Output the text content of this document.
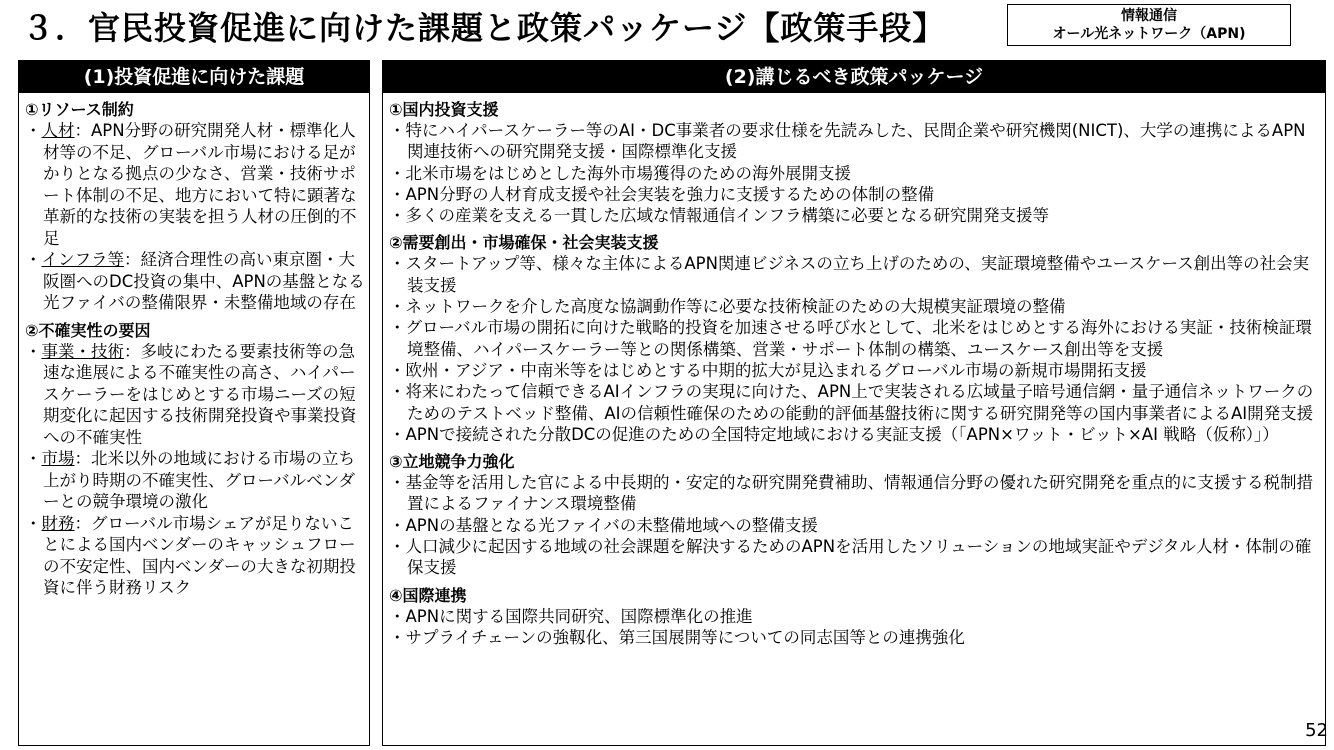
３．官民投資促進に向けた課題と政策パッケージ【政策手段】	情報通信
オール光ネットワーク（APN)
(1)投資促進に向けた課題
①リソース制約
・人材：APN分野の研究開発人材・標準化人材等の不足、グローバル市場における足がかりとなる拠点の少なさ、営業・技術サポート体制の不足、地方において特に顕著な革新的な技術の実装を担う人材の圧倒的不足
・インフラ等：経済合理性の高い東京圏・大阪圏へのDC投資の集中、APNの基盤となる光ファイバの整備限界・未整備地域の存在
②不確実性の要因
・事業・技術：多岐にわたる要素技術等の急速な進展による不確実性の高さ、ハイパースケーラーをはじめとする市場ニーズの短期変化に起因する技術開発投資や事業投資への不確実性
・市場：北米以外の地域における市場の立ち上がり時期の不確実性、グローバルベンダーとの競争環境の激化
・財務：グローバル市場シェアが足りないことによる国内ベンダーのキャッシュフローの不安定性、国内ベンダーの大きな初期投資に伴う財務リスク
(2)講じるべき政策パッケージ
①国内投資支援
・特にハイパースケーラー等のAI・DC事業者の要求仕様を先読みした、民間企業や研究機関(NICT)、大学の連携によるAPN関連技術への研究開発支援・国際標準化支援
・北米市場をはじめとした海外市場獲得のための海外展開支援
・APN分野の人材育成支援や社会実装を強力に支援するための体制の整備
・多くの産業を支える一貫した広域な情報通信インフラ構築に必要となる研究開発支援等
②需要創出・市場確保・社会実装支援
・スタートアップ等、様々な主体によるAPN関連ビジネスの立ち上げのための、実証環境整備やユースケース創出等の社会実装支援
・ネットワークを介した高度な協調動作等に必要な技術検証のための大規模実証環境の整備
・グローバル市場の開拓に向けた戦略的投資を加速させる呼び水として、北米をはじめとする海外における実証・技術検証環境整備、ハイパースケーラー等との関係構築、営業・サポート体制の構築、ユースケース創出等を支援
・欧州・アジア・中南米等をはじめとする中期的拡大が見込まれるグローバル市場の新規市場開拓支援
・将来にわたって信頼できるAIインフラの実現に向けた、APN上で実装される広域量子暗号通信網・量子通信ネットワークのためのテストベッド整備、AIの信頼性確保のための能動的評価基盤技術に関する研究開発等の国内事業者によるAI開発支援
・APNで接続された分散DCの促進のための全国特定地域における実証支援（「APN×ワット・ビット×AI 戦略（仮称）」）
③立地競争力強化
・基金等を活用した官による中長期的・安定的な研究開発費補助、情報通信分野の優れた研究開発を重点的に支援する税制措置によるファイナンス環境整備
・APNの基盤となる光ファイバの未整備地域への整備支援
・人口減少に起因する地域の社会課題を解決するためのAPNを活用したソリューションの地域実証やデジタル人材・体制の確保支援
④国際連携
・APNに関する国際共同研究、国際標準化の推進
・サプライチェーンの強靱化、第三国展開等についての同志国等との連携強化
52
